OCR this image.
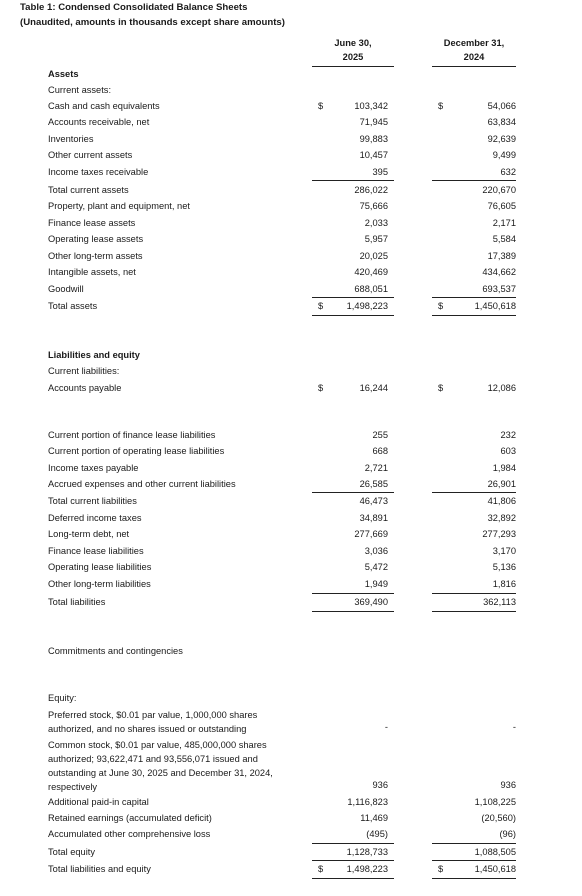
Table 1: Condensed Consolidated Balance Sheets
(Unaudited, amounts in thousands except share amounts)
June 30,
2025
December 31,
2024
Assets
Current assets:
Cash and cash equivalents	$	103,342	$	54,066
Accounts receivable, net	71,945	63,834
Inventories	99,883	92,639
Other current assets	10,457	9,499
Income taxes receivable	395	632
Total current assets	286,022	220,670
Property, plant and equipment, net	75,666	76,605
Finance lease assets	2,033	2,171
Operating lease assets	5,957	5,584
Other long-term assets	20,025	17,389
Intangible assets, net	420,469	434,662
Goodwill	688,051	693,537
Total assets	$	1,498,223	$	1,450,618
Liabilities and equity
Current liabilities:
Accounts payable	$	16,244	$	12,086
Current portion of finance lease liabilities	255	232
Current portion of operating lease liabilities	668	603
Income taxes payable	2,721	1,984
Accrued expenses and other current liabilities	26,585	26,901
Total current liabilities	46,473	41,806
Deferred income taxes	34,891	32,892
Long-term debt, net	277,669	277,293
Finance lease liabilities	3,036	3,170
Operating lease liabilities	5,472	5,136
Other long-term liabilities	1,949	1,816
Total liabilities	369,490	362,113
Commitments and contingencies
Equity:
Preferred stock, $0.01 par value, 1,000,000 shares authorized, and no shares issued or outstanding	-	-
Common stock, $0.01 par value, 485,000,000 shares authorized; 93,622,471 and 93,556,071 issued and outstanding at June 30, 2025 and December 31, 2024, respectively	936	936
Additional paid-in capital	1,116,823	1,108,225
Retained earnings (accumulated deficit)	11,469	(20,560)
Accumulated other comprehensive loss	(495)	(96)
Total equity	1,128,733	1,088,505
Total liabilities and equity	$	1,498,223	$	1,450,618
